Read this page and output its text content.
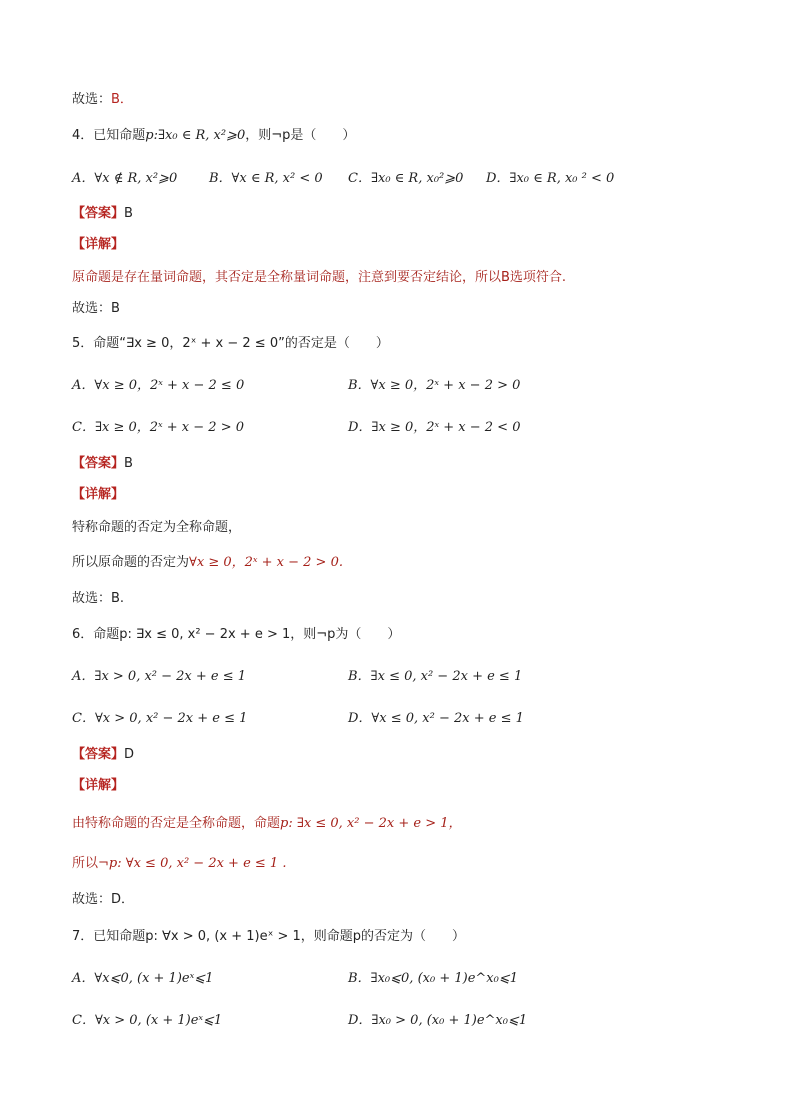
故选：B．
4．已知命题p:∃x₀ ∈ R, x²⩾0，则¬p是（　　）
A．∀x ∉ R, x²⩾0 B．∀x ∈ R, x² < 0 C．∃x₀ ∈ R, x₀²⩾0 D．∃x₀ ∈ R, x₀ ² < 0
【答案】B
【详解】
原命题是存在量词命题，其否定是全称量词命题，注意到要否定结论，所以B选项符合.
故选：B
5．命题“∃x ≥ 0，2ˣ + x − 2 ≤ 0”的否定是（　　）
A．∀x ≥ 0，2ˣ + x − 2 ≤ 0	B．∀x ≥ 0，2ˣ + x − 2 > 0
C．∃x ≥ 0，2ˣ + x − 2 > 0	D．∃x ≥ 0，2ˣ + x − 2 < 0
【答案】B
【详解】
特称命题的否定为全称命题，
所以原命题的否定为∀x ≥ 0，2ˣ + x − 2 > 0.
故选：B.
6．命题p: ∃x ≤ 0, x² − 2x + e > 1，则¬p为（　　）
A．∃x > 0, x² − 2x + e ≤ 1	B．∃x ≤ 0, x² − 2x + e ≤ 1
C．∀x > 0, x² − 2x + e ≤ 1	D．∀x ≤ 0, x² − 2x + e ≤ 1
【答案】D
【详解】
由特称命题的否定是全称命题，命题p: ∃x ≤ 0, x² − 2x + e > 1，
所以¬p: ∀x ≤ 0, x² − 2x + e ≤ 1 .
故选：D．
7．已知命题p: ∀x > 0, (x + 1)eˣ > 1，则命题p的否定为（　　）
A．∀x⩽0, (x + 1)eˣ⩽1	B．∃x₀⩽0, (x₀ + 1)e^x₀⩽1
C．∀x > 0, (x + 1)eˣ⩽1	D．∃x₀ > 0, (x₀ + 1)e^x₀⩽1
